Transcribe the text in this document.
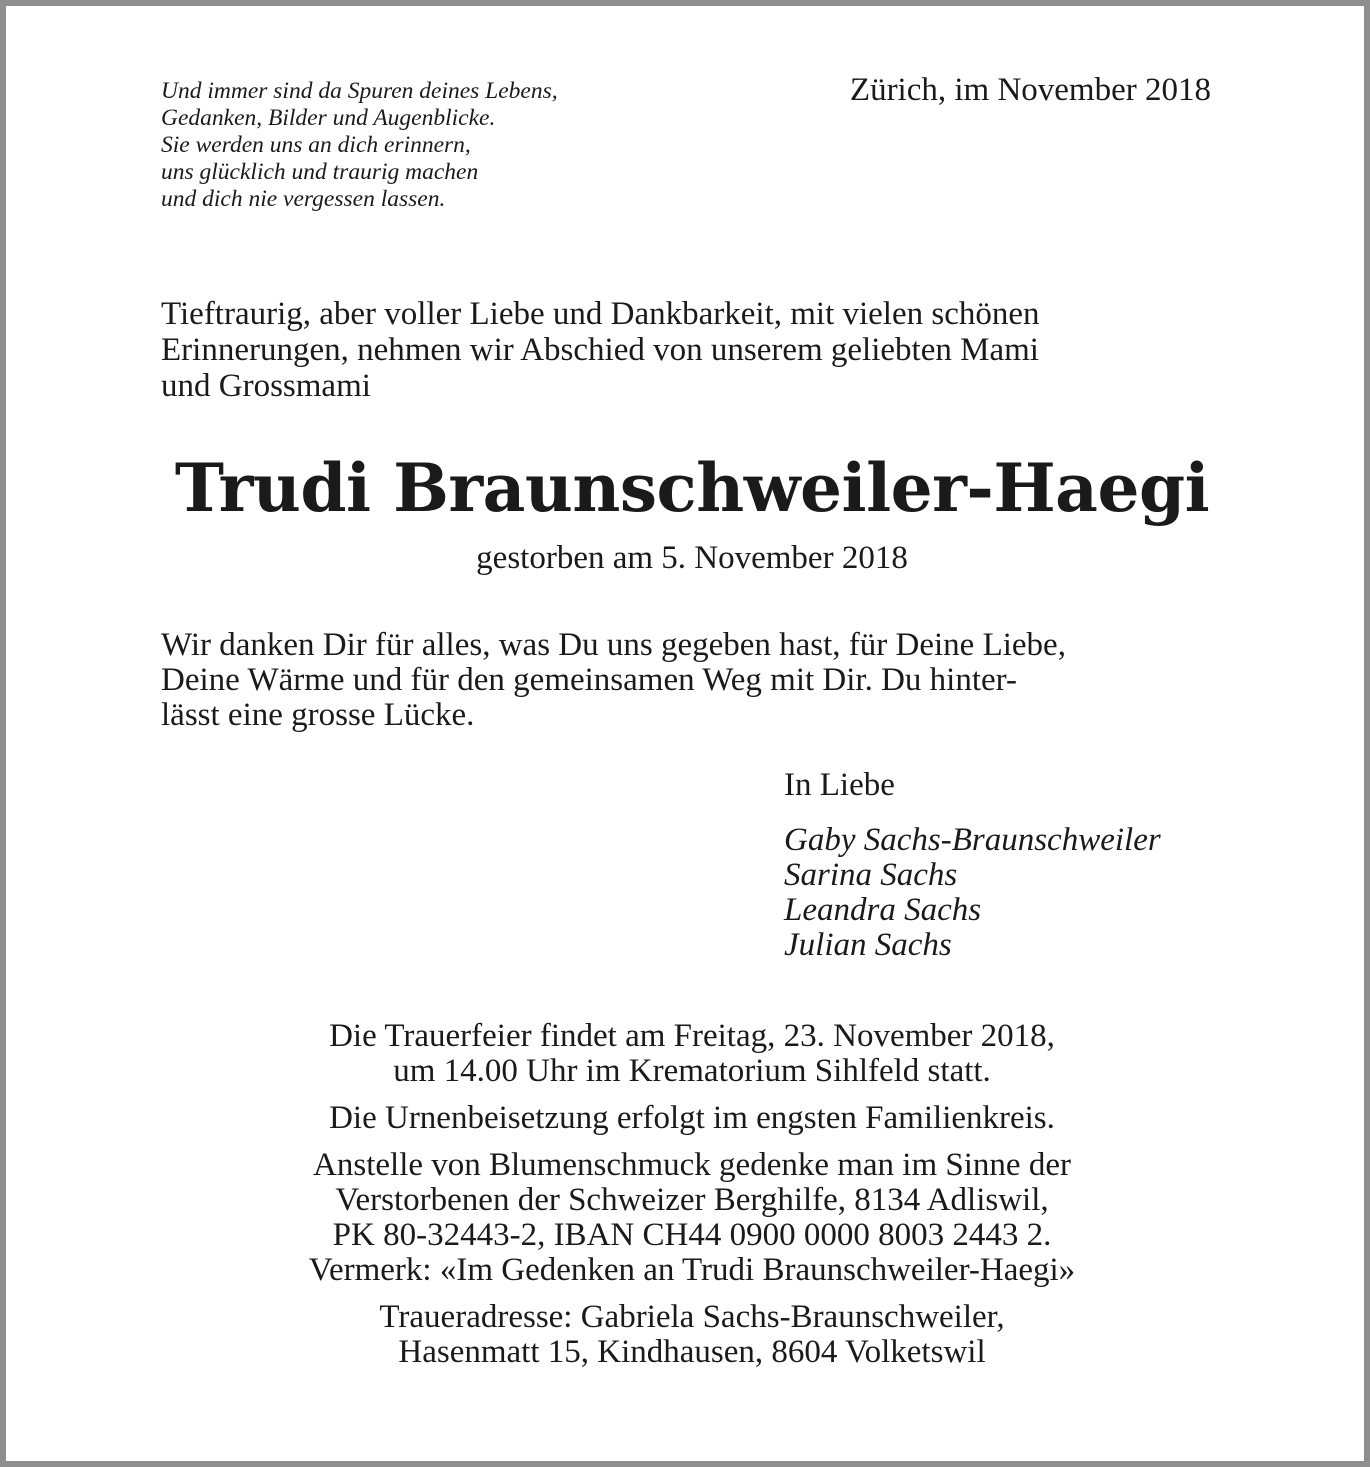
Und immer sind da Spuren deines Lebens,
Gedanken, Bilder und Augenblicke.
Sie werden uns an dich erinnern,
uns glücklich und traurig machen
und dich nie vergessen lassen.
Zürich, im November 2018
Tieftraurig, aber voller Liebe und Dankbarkeit, mit vielen schönen
Erinnerungen, nehmen wir Abschied von unserem geliebten Mami
und Grossmami
Trudi Braunschweiler-Haegi
gestorben am 5. November 2018
Wir danken Dir für alles, was Du uns gegeben hast, für Deine Liebe,
Deine Wärme und für den gemeinsamen Weg mit Dir. Du hinter-
lässt eine grosse Lücke.
In Liebe
Gaby Sachs-Braunschweiler
Sarina Sachs
Leandra Sachs
Julian Sachs
Die Trauerfeier findet am Freitag, 23. November 2018,
um 14.00 Uhr im Krematorium Sihlfeld statt.
Die Urnenbeisetzung erfolgt im engsten Familienkreis.
Anstelle von Blumenschmuck gedenke man im Sinne der
Verstorbenen der Schweizer Berghilfe, 8134 Adliswil,
PK 80-32443-2, IBAN CH44 0900 0000 8003 2443 2.
Vermerk: «Im Gedenken an Trudi Braunschweiler-Haegi»
Traueradresse: Gabriela Sachs-Braunschweiler,
Hasenmatt 15, Kindhausen, 8604 Volketswil
